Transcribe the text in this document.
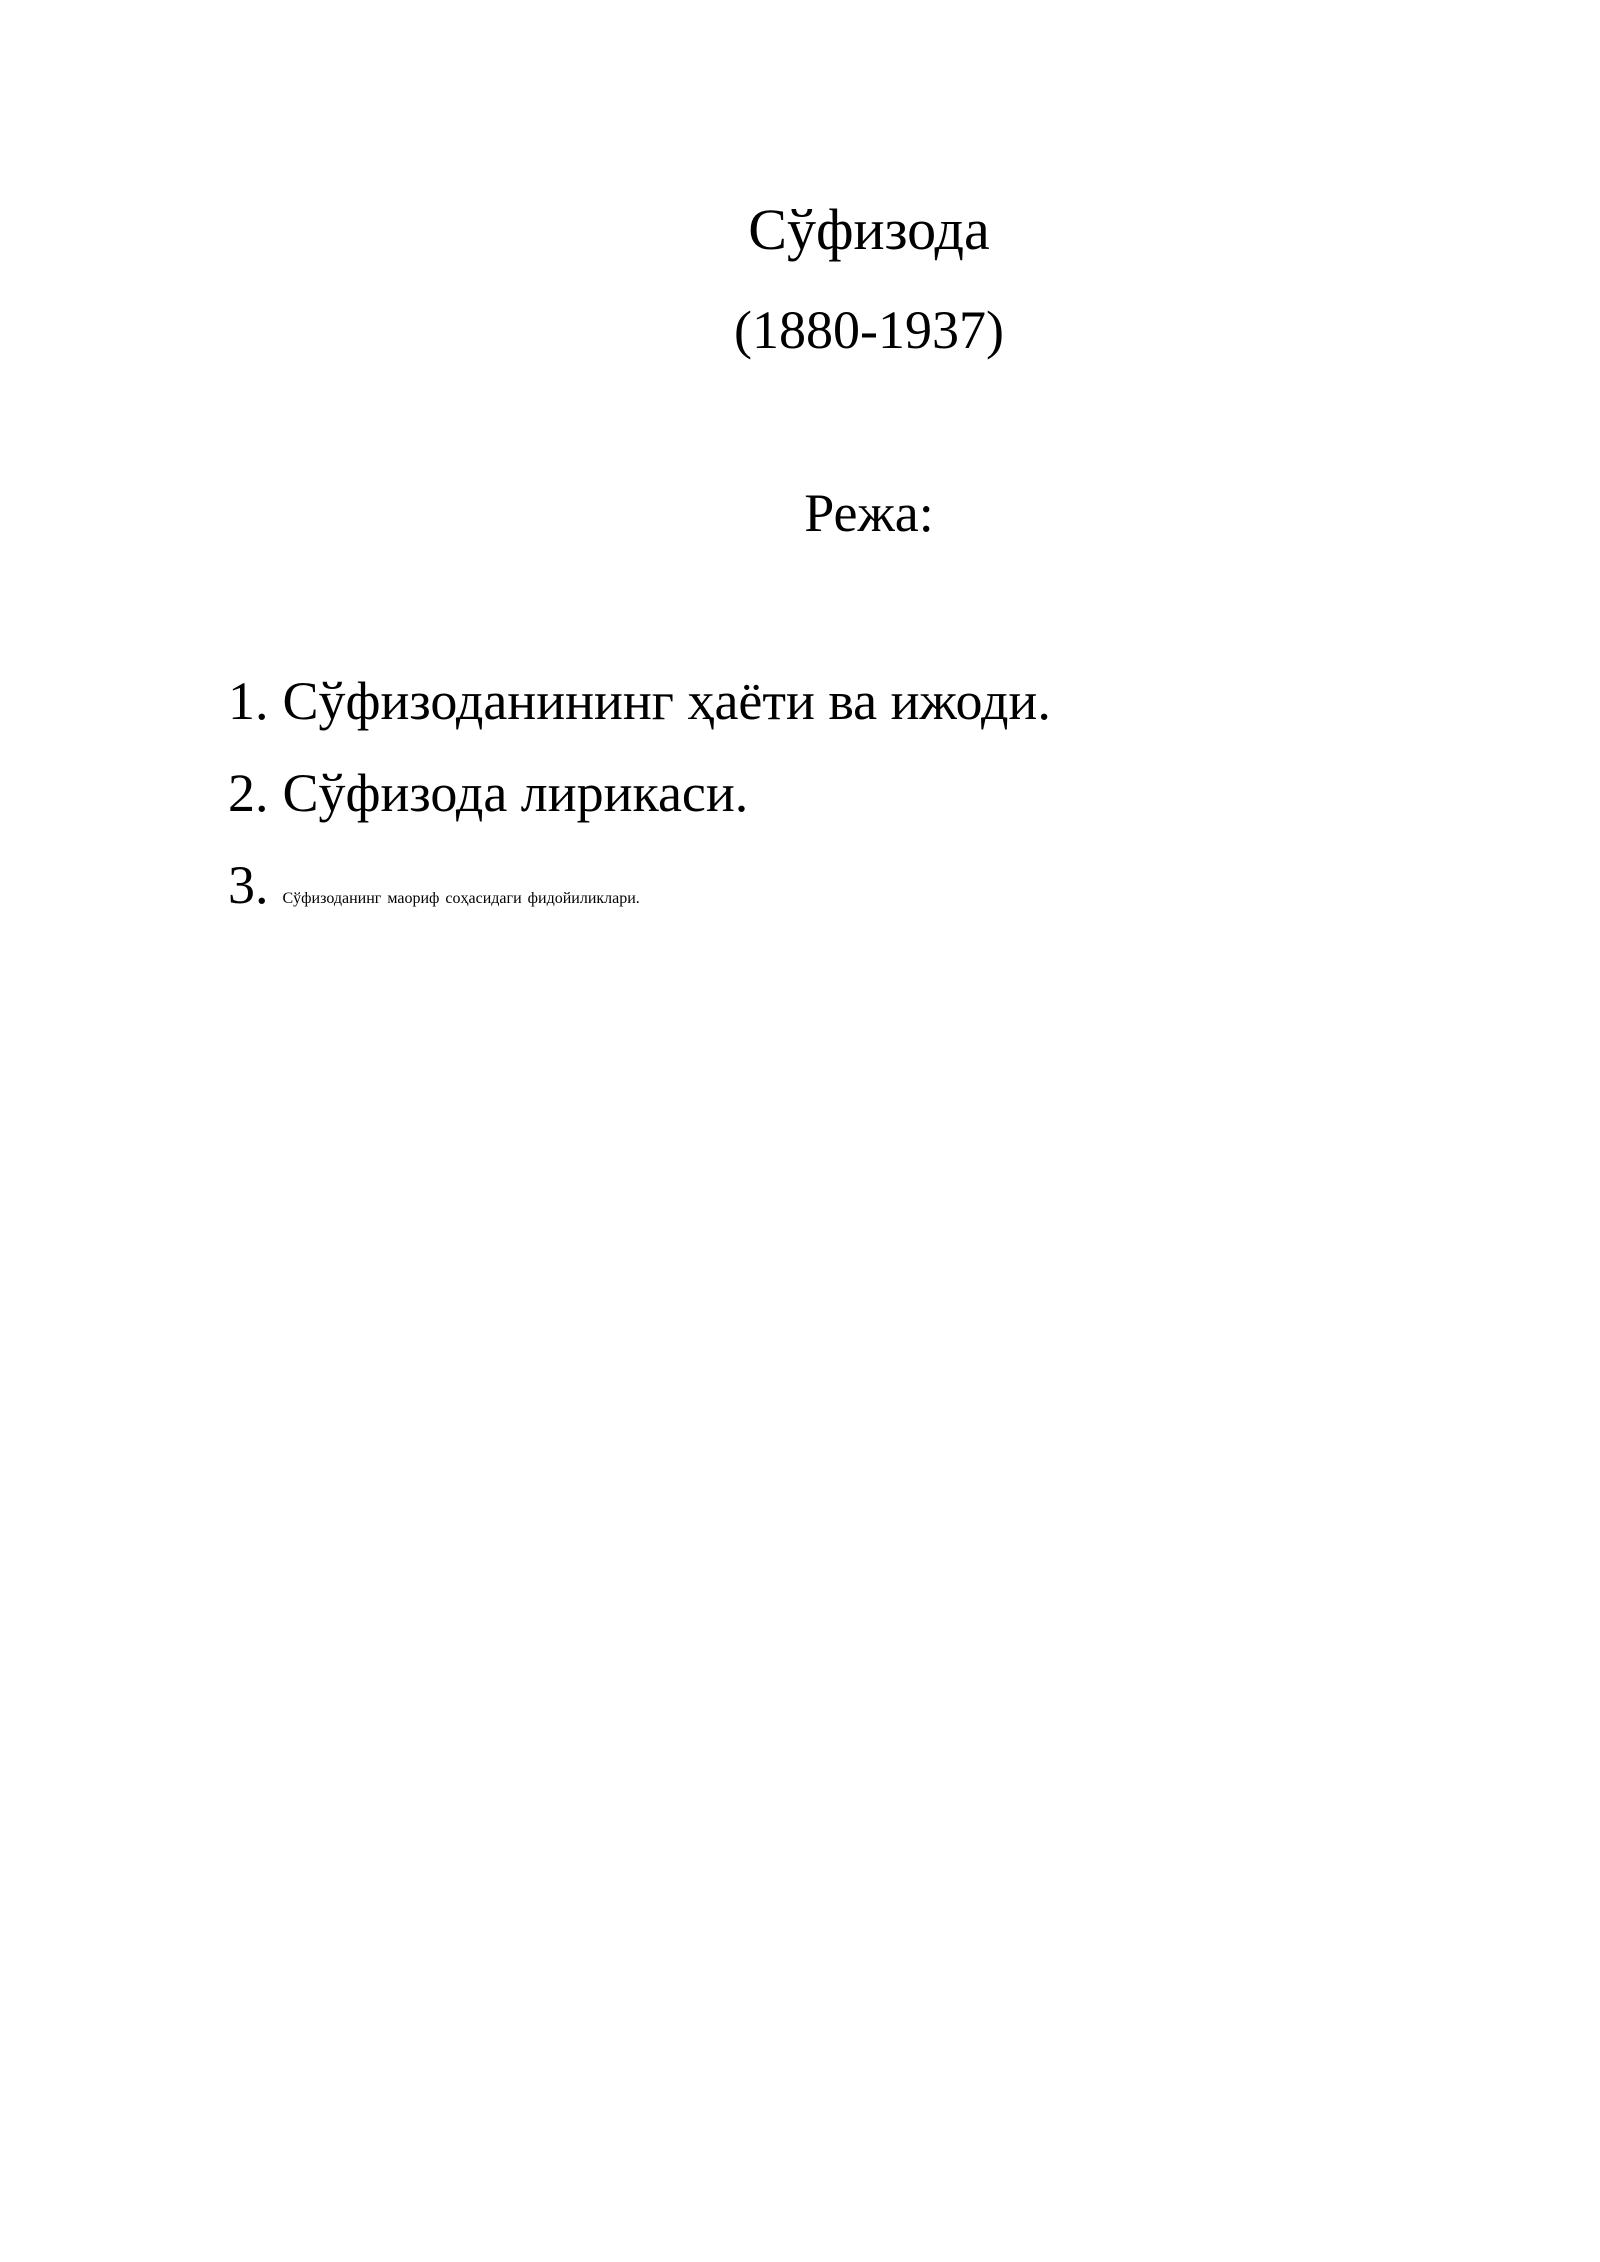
Сўфизода
(1880-1937)
Режа:
1. Сўфизоданининг ҳаёти ва ижоди.
2. Сўфизода лирикаси.
3. Сўфизоданинг маориф соҳасидаги фидойиликлари.
